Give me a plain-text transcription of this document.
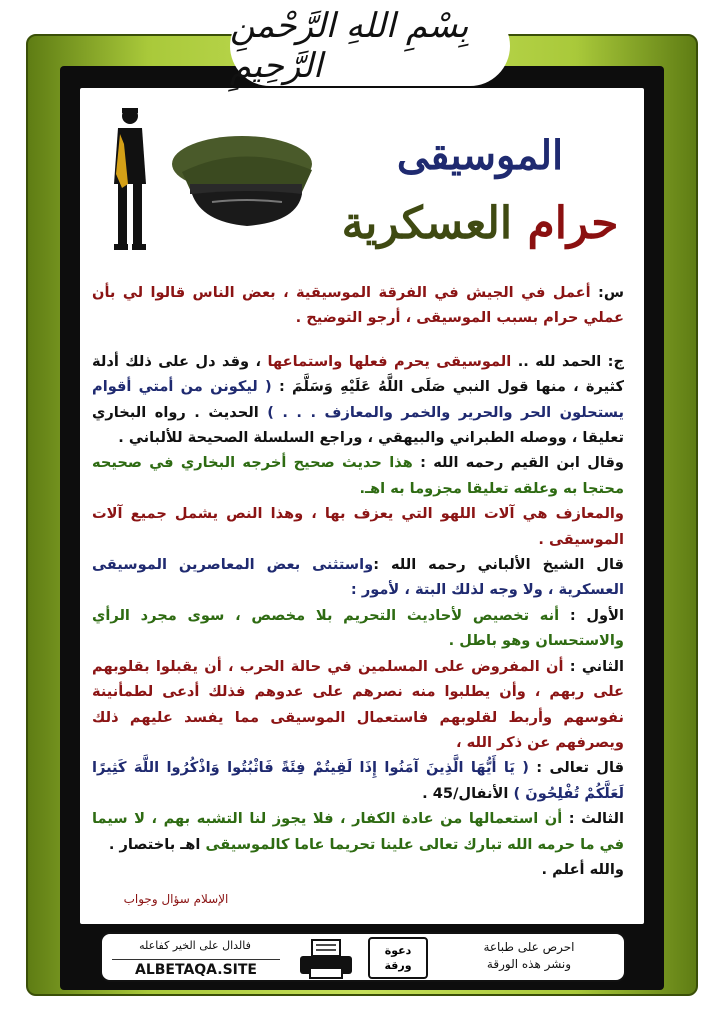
بِسْمِ اللهِ الرَّحْمنِ الرَّحِيمِ
الموسيقى
حرام العسكرية

س: أعمل في الجيش في الفرقة الموسيقية ، بعض الناس قالوا لي بأن عملي حرام بسبب الموسيقى ، أرجو التوضيح .

ج: الحمد لله .. الموسيقى يحرم فعلها واستماعها ، وقد دل على ذلك أدلة كثيرة ، منها قول النبي صَلَى اللَّهُ عَلَيْهِ وَسَلَّمَ : ( ليكونن من أمتي أقوام يستحلون الحر والحرير والخمر والمعازف . . . ) الحديث . رواه البخاري تعليقا ، ووصله الطبراني والبيهقي ، وراجع السلسلة الصحيحة للألباني .

وقال ابن القيم رحمه الله : هذا حديث صحيح أخرجه البخاري في صحيحه محتجا به وعلقه تعليقا مجزوما به اهـ.

والمعازف هي آلات اللهو التي يعزف بها ، وهذا النص يشمل جميع آلات الموسيقى .

قال الشيخ الألباني رحمه الله :واستثنى بعض المعاصرين الموسيقى العسكرية ، ولا وجه لذلك البتة ، لأمور :

الأول : أنه تخصيص لأحاديث التحريم بلا مخصص ، سوى مجرد الرأي والاستحسان وهو باطل .

الثاني : أن المفروض على المسلمين في حالة الحرب ، أن يقبلوا بقلوبهم على ربهم ، وأن يطلبوا منه نصرهم على عدوهم فذلك أدعى لطمأنينة نفوسهم وأربط لقلوبهم فاستعمال الموسيقى مما يفسد عليهم ذلك ويصرفهم عن ذكر الله ،

قال تعالى : ( يَا أَيُّهَا الَّذِينَ آمَنُوا إِذَا لَقِيتُمْ فِئَةً فَاثْبُتُوا وَاذْكُرُوا اللَّهَ كَثِيرًا لَعَلَّكُمْ تُفْلِحُونَ ) الأنفال/45 .

الثالث : أن استعمالها من عادة الكفار ، فلا يجوز لنا التشبه بهم ، لا سيما في ما حرمه الله تبارك تعالى علينا تحريما عاما كالموسيقى اهـ باختصار .

والله أعلم .

الإسلام سؤال وجواب
فالدال على الخير كفاعله
ALBETAQA.SITE
دعوة
ورقة
احرص على طباعة
ونشر هذه الورقة
